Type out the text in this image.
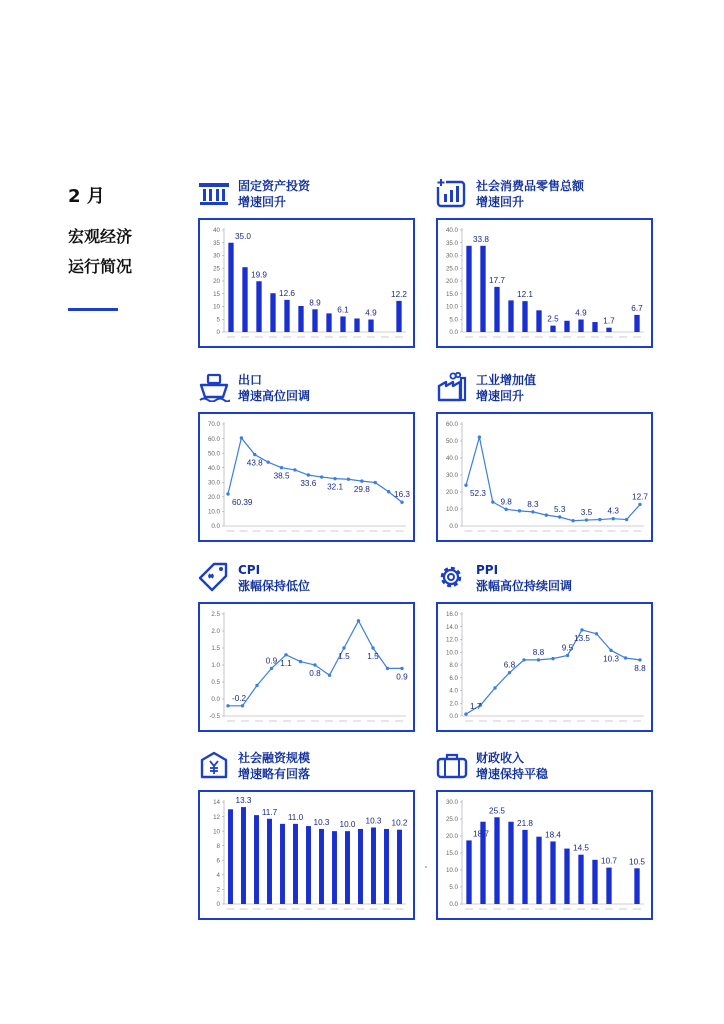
2 月
宏观经济
运行简况
固定资产投资
增速回升
0
5
10
15
20
25
30
35
40
35.0
19.9
12.6
8.9
6.1 4.9
12.2
社会消费品零售总额
增速回升
0.0
5.0
10.0
15.0
20.0
25.0
30.0
35.0
40.0
33.8
17.7
12.1
2.5
4.9
1.7
6.7
出口
增速高位回调
0.0
10.0
20.0
30.0
40.0
50.0
60.0
70.0
60.39
43.8
38.5
33.6 32.1 29.8
16.3
工业增加值
增速回升
0.0
10.0
20.0
30.0
40.0
50.0
60.0
52.3
9.8 8.3
5.3 3.5 4.3
12.7
CPI
涨幅保持低位
-0.5
0.0
0.5
1.0
1.5
2.0
2.5
-0.2
0.9 1.1
0.8
1.5 1.5
0.9
PPI
涨幅高位持续回调
0.0
2.0
4.0
6.0
8.0
10.0
12.0
14.0
16.0
1.7
6.8
8.8 9.5
13.5
10.3
8.8
社会融资规模
增速略有回落
0
2
4
6
8
10
12
14 13.3
11.7
11.0
10.3 10.0 10.3 10.2
财政收入
增速保持平稳
0.0
5.0
10.0
15.0
20.0
25.0
30.0
18.7
25.5
21.8
18.4
14.5
10.7 10.5
